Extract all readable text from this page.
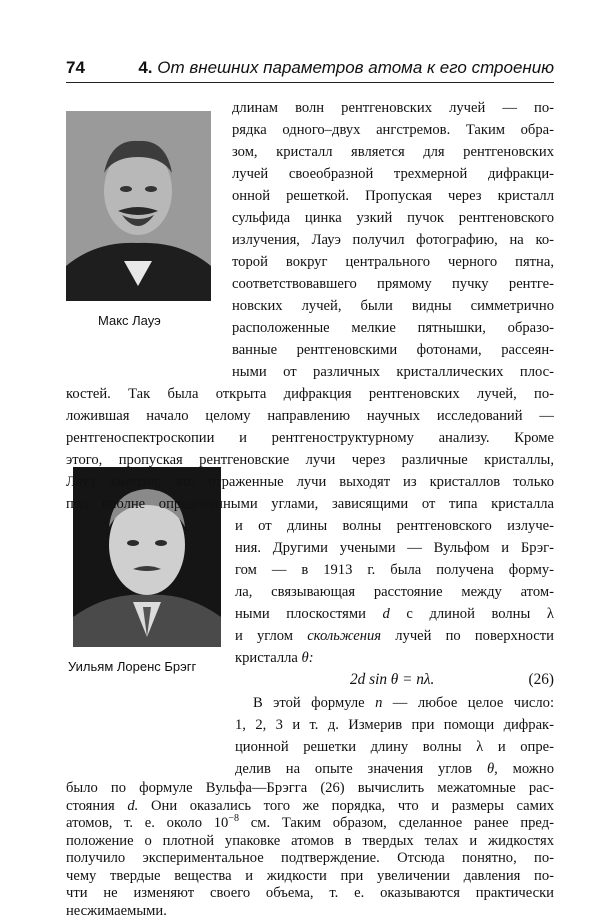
74	4. От внешних параметров атома к его строению
Макс Лауэ
Уильям Лоренс Брэгг
длинам волн рентгеновских лучей — по-
рядка одного–двух ангстремов. Таким обра-
зом, кристалл является для рентгеновских
лучей своеобразной трехмерной дифракци-
онной решеткой. Пропуская через кристалл
сульфида цинка узкий пучок рентгеновского
излучения, Лауэ получил фотографию, на ко-
торой вокруг центрального черного пятна,
соответствовавшего прямому пучку рентге-
новских лучей, были видны симметрично
расположенные мелкие пятнышки, образо-
ванные рентгеновскими фотонами, рассеян-
ными от различных кристаллических плос-
костей. Так была открыта дифракция рентгеновских лучей, по-
ложившая начало целому направлению научных исследований —
рентгеноспектроскопии и рентгеноструктурному анализу. Кроме
этого, пропуская рентгеновские лучи через различные кристаллы,
Лауэ заметил, что отраженные лучи выходят из кристаллов только
под вполне определенными углами, зависящими от типа кристалла
и от длины волны рентгеновского излуче-
ния. Другими учеными — Вульфом и Брэг-
гом — в 1913 г. была получена форму-
ла, связывающая расстояние между атом-
ными плоскостями d с длиной волны λ
и углом скольжения лучей по поверхности
кристалла θ:
2d sin θ = nλ.	(26)
В этой формуле n — любое целое число:
1, 2, 3 и т. д. Измерив при помощи дифрак-
ционной решетки длину волны λ и опре-
делив на опыте значения углов θ, можно
было по формуле Вульфа—Брэгга (26) вычислить межатомные рас-
стояния d. Они оказались того же порядка, что и размеры самих
атомов, т. е. около $10^{-8}$ см. Таким образом, сделанное ранее пред-
положение о плотной упаковке атомов в твердых телах и жидкостях
получило экспериментальное подтверждение. Отсюда понятно, по-
чему твердые вещества и жидкости при увеличении давления по-
чти не изменяют своего объема, т. е. оказываются практически
несжимаемыми.
